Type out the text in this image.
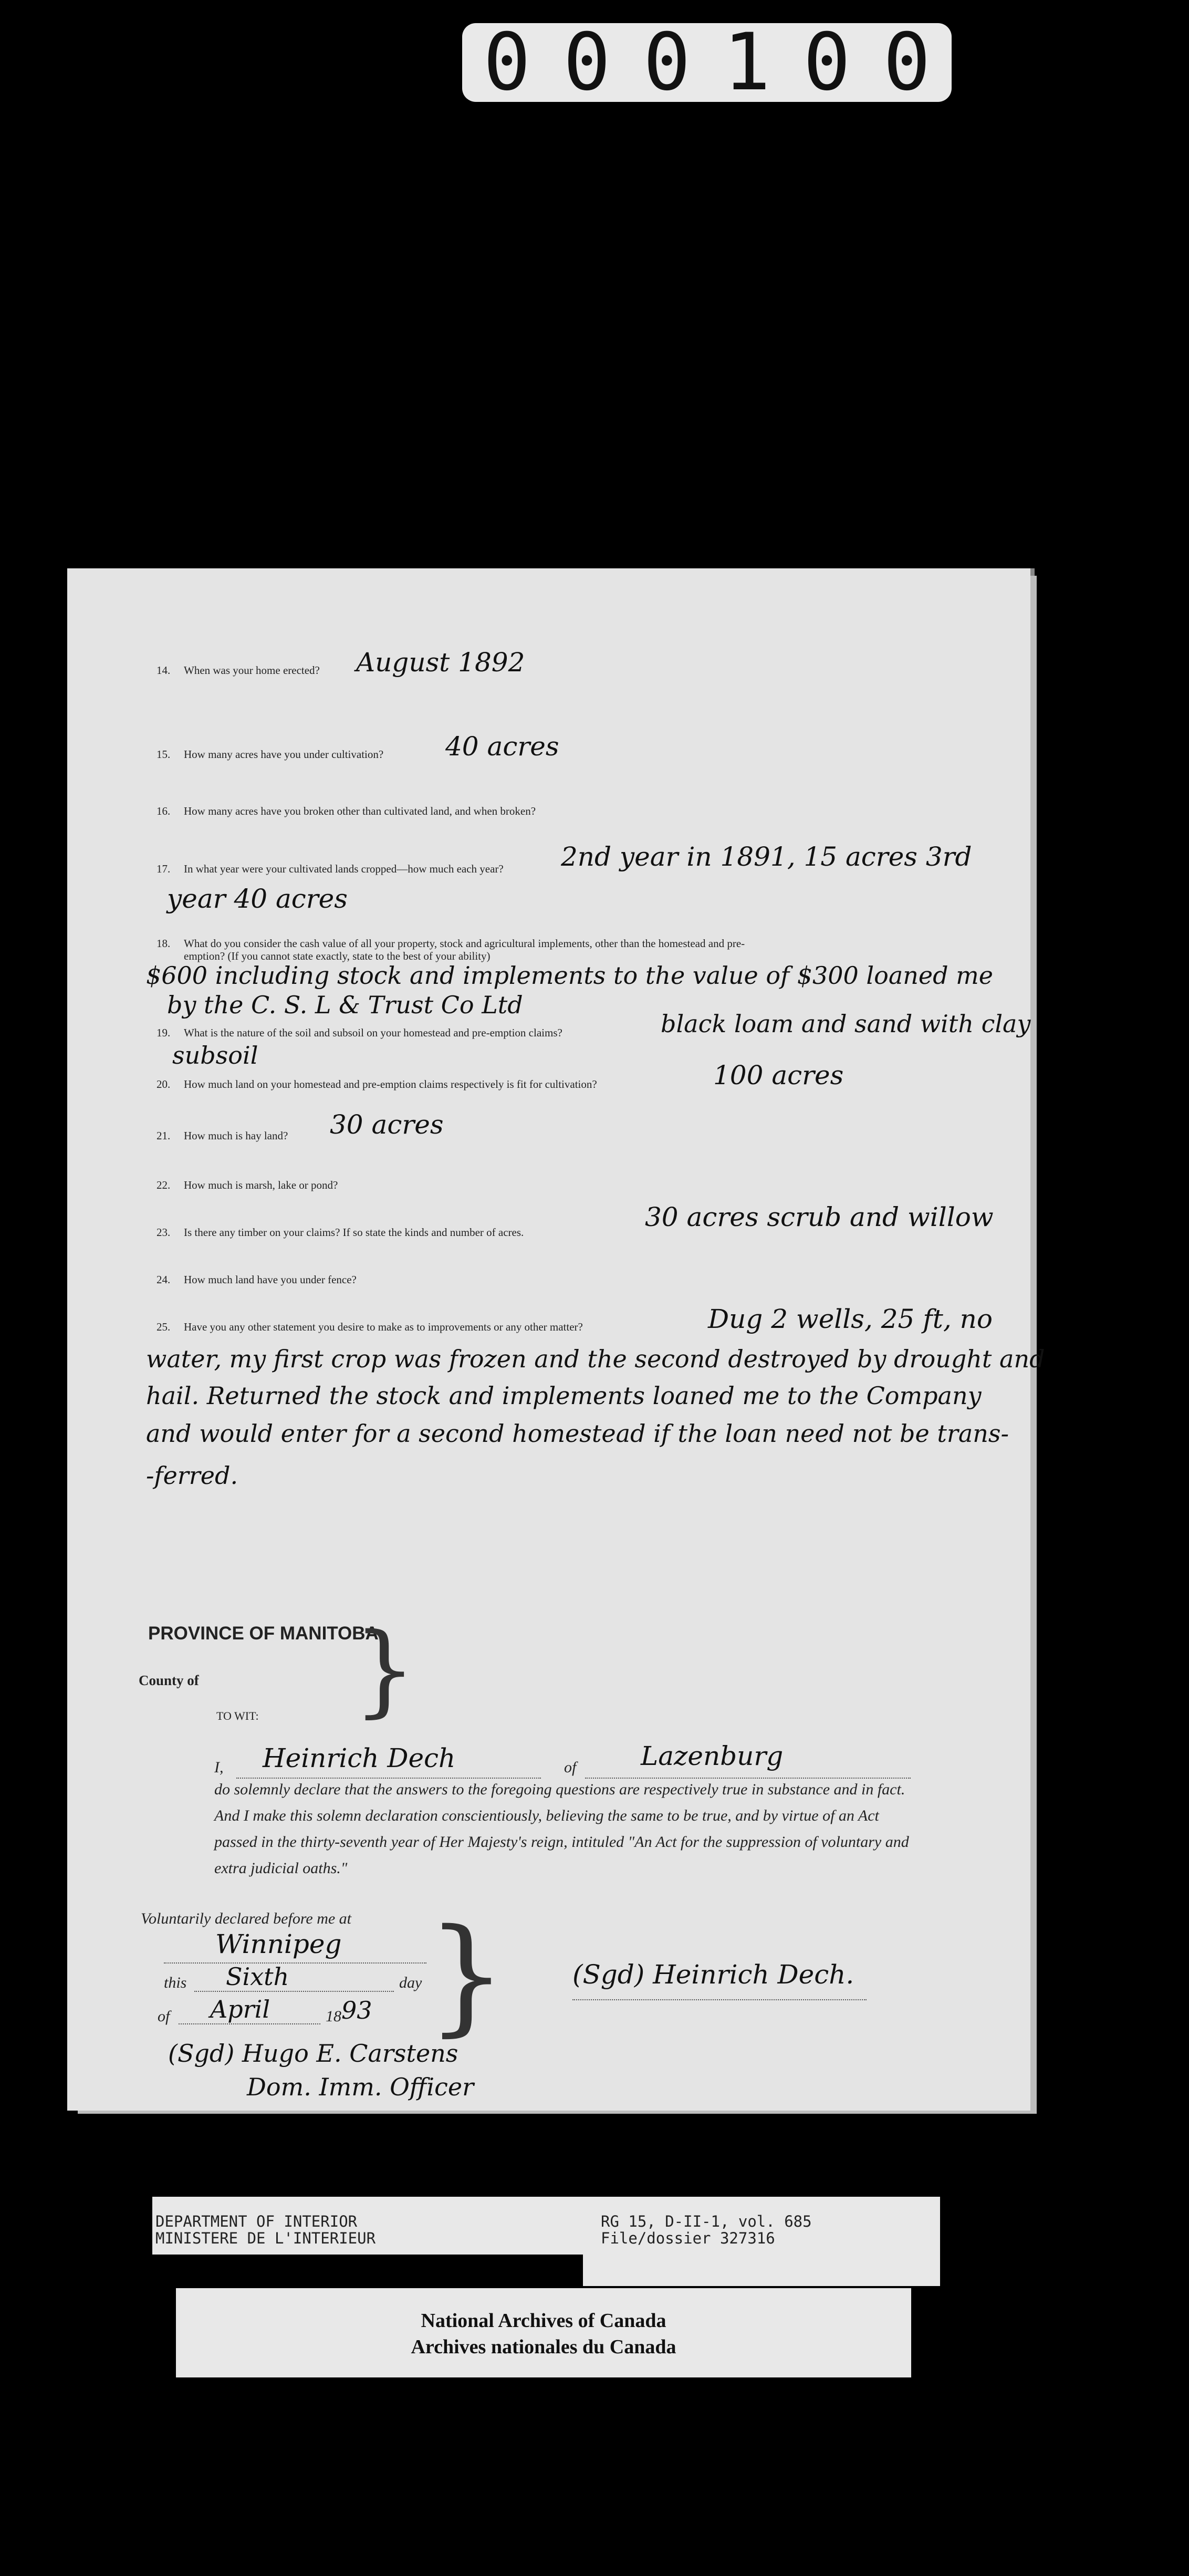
000100
14. When was your home erected? August 1892
15. How many acres have you under cultivation? 40 acres
16. How many acres have you broken other than cultivated land, and when broken?
17. In what year were your cultivated lands cropped—how much each year? 2nd year in 1891, 15 acres 3rd
year 40 acres
18. What do you consider the cash value of all your property, stock and agricultural implements, other than the homestead and pre-
emption? (If you cannot state exactly, state to the best of your ability)
$600 including stock and implements to the value of $300 loaned me
by the C. S. L & Trust Co Ltd
19. What is the nature of the soil and subsoil on your homestead and pre-emption claims?	black loam and sand with clay
subsoil
20. How much land on your homestead and pre-emption claims respectively is fit for cultivation?	100 acres
21. How much is hay land? 30 acres
22. How much is marsh, lake or pond?
23. Is there any timber on your claims? If so state the kinds and number of acres.	30 acres scrub and willow
24. How much land have you under fence?
25. Have you any other statement you desire to make as to improvements or any other matter?	Dug 2 wells, 25 ft, no
water, my first crop was frozen and the second destroyed by drought and
hail. Returned the stock and implements loaned me to the Company
and would enter for a second homestead if the loan need not be trans-
-ferred.
PROVINCE OF MANITOBA.
County of }
TO WIT:
I, Heinrich Dech	of Lazenburg
do solemnly declare that the answers to the foregoing questions are respectively true in substance and in fact. And I make this solemn declaration conscientiously, believing the same to be true, and by virtue of an Act passed in the thirty-seventh year of Her Majesty's reign, intituled "An Act for the suppression of voluntary and extra judicial oaths."
Voluntarily declared before me at
Winnipeg
this Sixth	day
of April	18 93 }
(Sgd) Hugo E. Carstens
Dom. Imm. Officer
(Sgd) Heinrich Dech.
DEPARTMENT OF INTERIOR
MINISTERE DE L'INTERIEUR
RG 15, D-II-1, vol. 685
File/dossier 327316
National Archives of Canada
Archives nationales du Canada
